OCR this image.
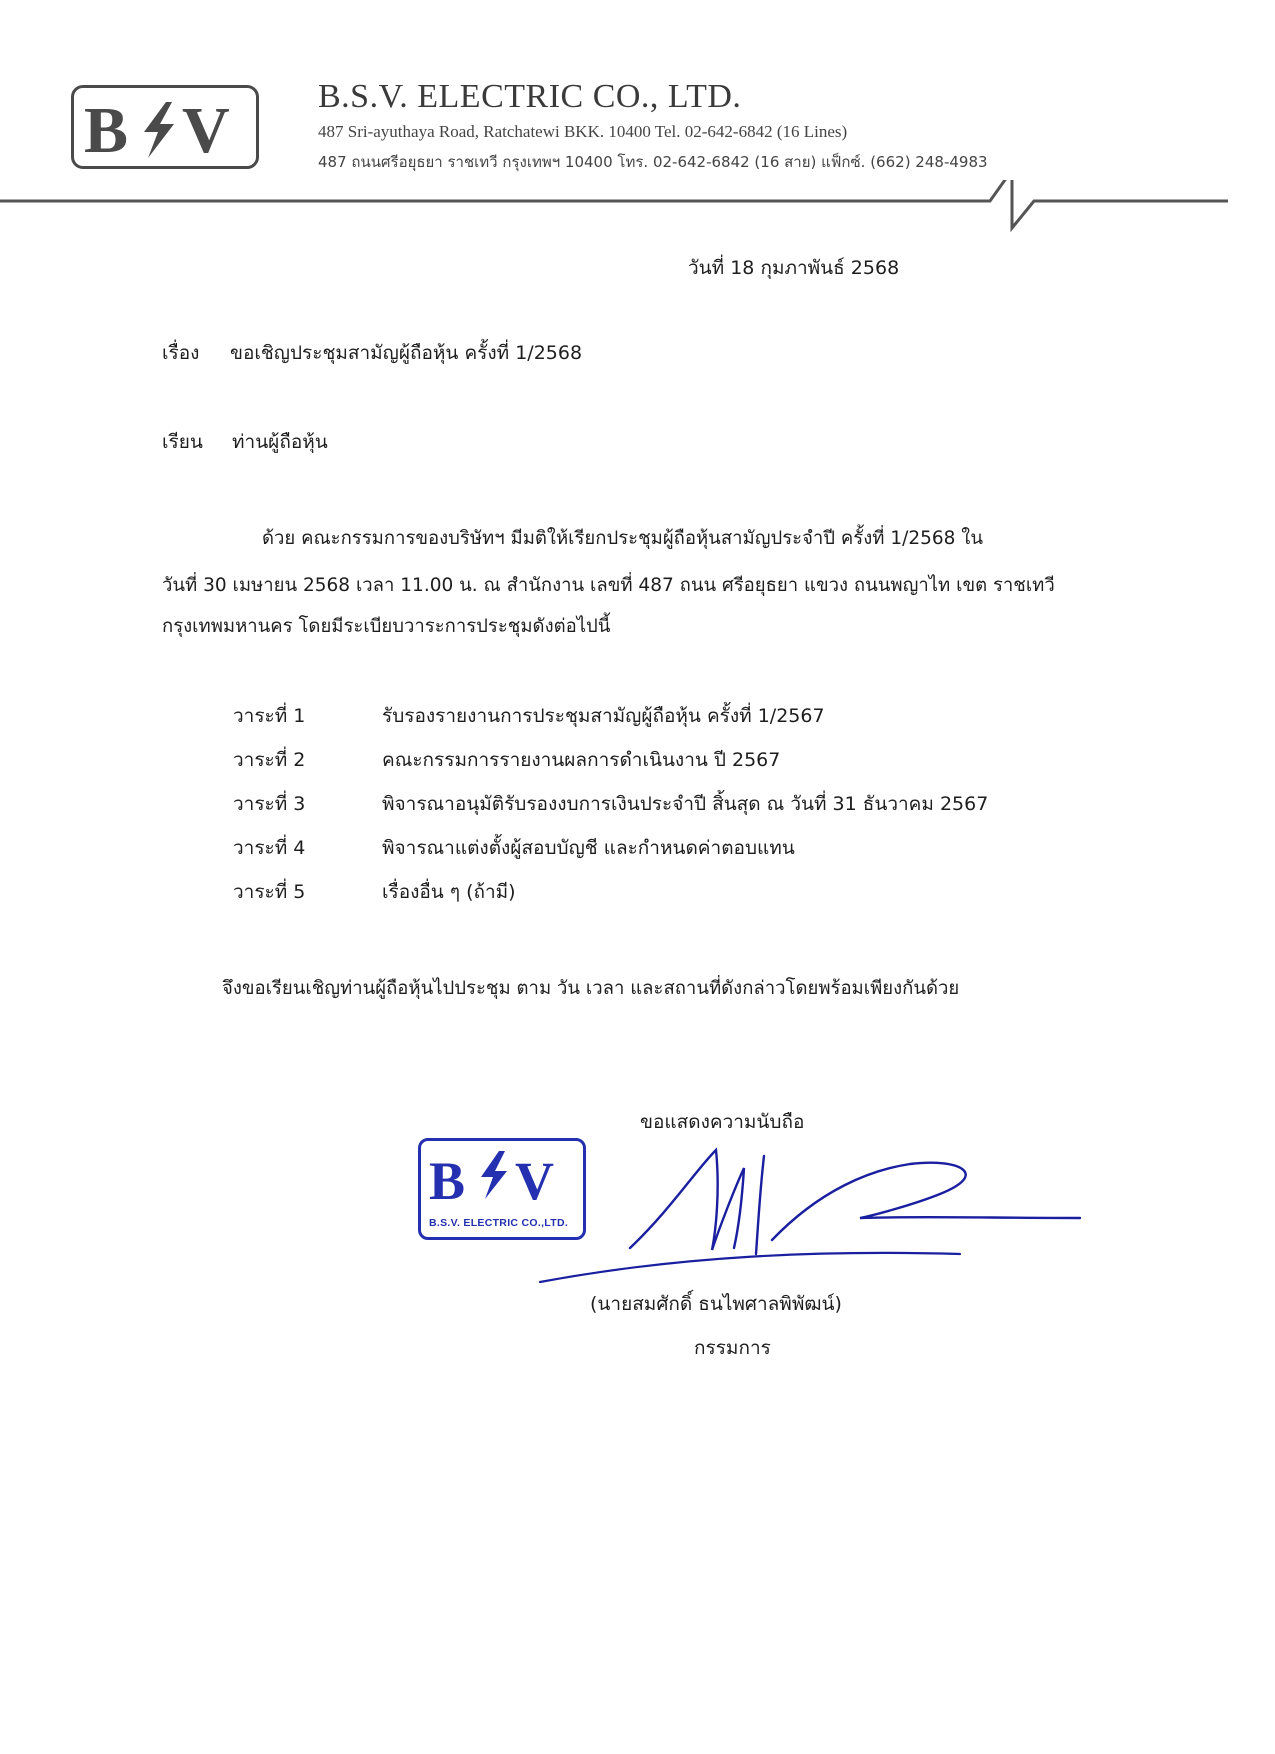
B V	B.S.V. ELECTRIC CO., LTD.
487 Sri-ayuthaya Road, Ratchatewi BKK. 10400 Tel. 02-642-6842 (16 Lines)
487 ถนนศรีอยุธยา ราชเทวี กรุงเทพฯ 10400 โทร. 02-642-6842 (16 สาย) แฟ็กซ์. (662) 248-4983
วันที่ 18 กุมภาพันธ์ 2568
เรื่อง ขอเชิญประชุมสามัญผู้ถือหุ้น ครั้งที่ 1/2568
เรียน ท่านผู้ถือหุ้น
ด้วย คณะกรรมการของบริษัทฯ มีมติให้เรียกประชุมผู้ถือหุ้นสามัญประจำปี ครั้งที่ 1/2568 ใน
วันที่ 30 เมษายน 2568 เวลา 11.00 น. ณ สำนักงาน เลขที่ 487 ถนน ศรีอยุธยา แขวง ถนนพญาไท เขต ราชเทวี
กรุงเทพมหานคร โดยมีระเบียบวาระการประชุมดังต่อไปนี้
วาระที่ 1	รับรองรายงานการประชุมสามัญผู้ถือหุ้น ครั้งที่ 1/2567
วาระที่ 2	คณะกรรมการรายงานผลการดำเนินงาน ปี 2567
วาระที่ 3	พิจารณาอนุมัติรับรองงบการเงินประจำปี สิ้นสุด ณ วันที่ 31 ธันวาคม 2567
วาระที่ 4	พิจารณาแต่งตั้งผู้สอบบัญชี และกำหนดค่าตอบแทน
วาระที่ 5	เรื่องอื่น ๆ (ถ้ามี)
จึงขอเรียนเชิญท่านผู้ถือหุ้นไปประชุม ตาม วัน เวลา และสถานที่ดังกล่าวโดยพร้อมเพียงกันด้วย
ขอแสดงความนับถือ
B V
B.S.V. ELECTRIC CO.,LTD.
(นายสมศักดิ์ ธนไพศาลพิพัฒน์)
กรรมการ
